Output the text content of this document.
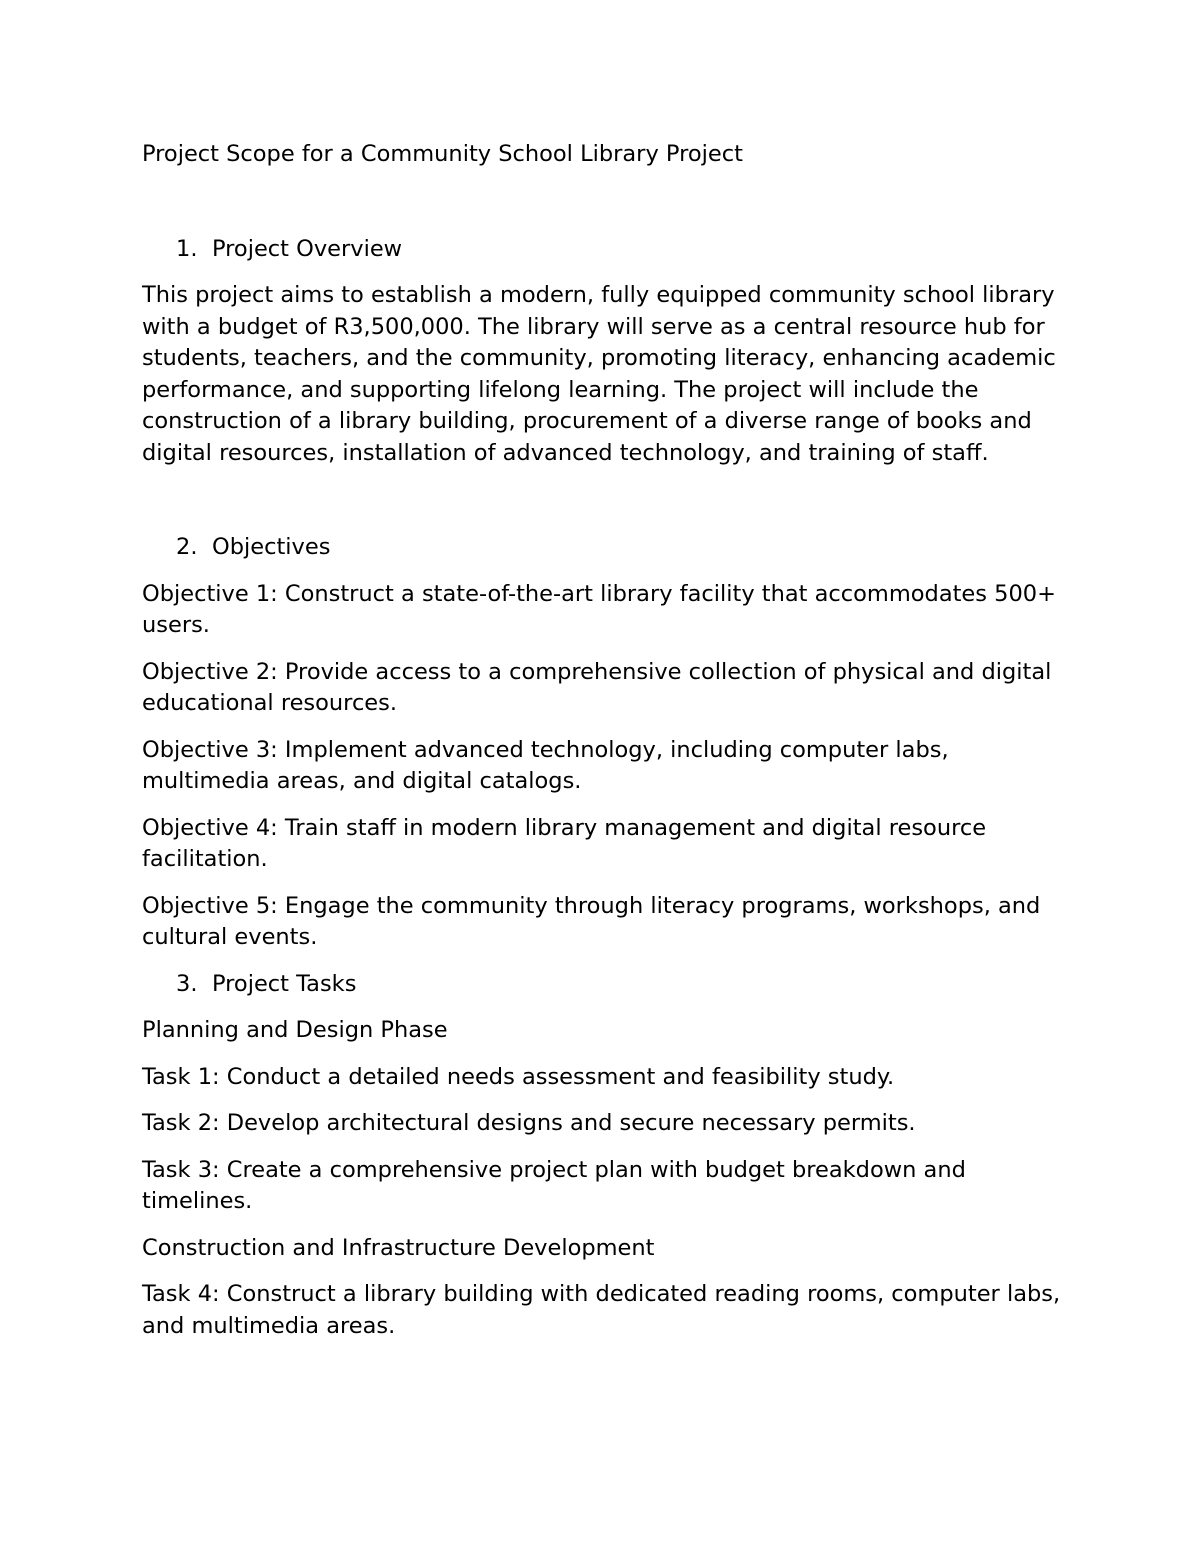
Project Scope for a Community School Library Project

1. Project Overview

This project aims to establish a modern, fully equipped community school library with a budget of R3,500,000. The library will serve as a central resource hub for students, teachers, and the community, promoting literacy, enhancing academic performance, and supporting lifelong learning. The project will include the construction of a library building, procurement of a diverse range of books and digital resources, installation of advanced technology, and training of staff.

2. Objectives

Objective 1: Construct a state-of-the-art library facility that accommodates 500+ users.

Objective 2: Provide access to a comprehensive collection of physical and digital educational resources.

Objective 3: Implement advanced technology, including computer labs, multimedia areas, and digital catalogs.

Objective 4: Train staff in modern library management and digital resource facilitation.

Objective 5: Engage the community through literacy programs, workshops, and cultural events.

3. Project Tasks

Planning and Design Phase

Task 1: Conduct a detailed needs assessment and feasibility study.

Task 2: Develop architectural designs and secure necessary permits.

Task 3: Create a comprehensive project plan with budget breakdown and timelines.

Construction and Infrastructure Development

Task 4: Construct a library building with dedicated reading rooms, computer labs, and multimedia areas.
